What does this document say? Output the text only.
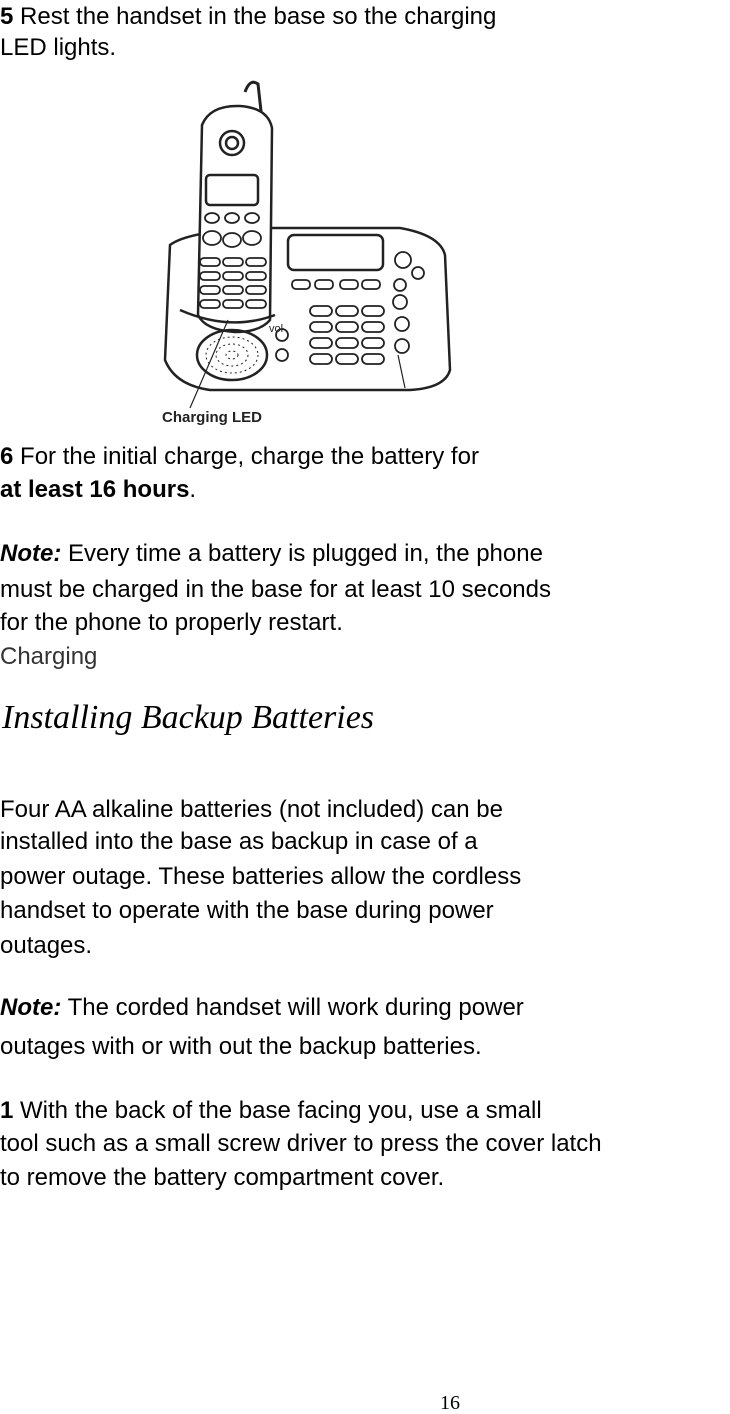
5 Rest the handset in the base so the charging
LED lights.
vol
Charging LED
6 For the initial charge, charge the battery for
at least 16 hours.
Note: Every time a battery is plugged in, the phone
must be charged in the base for at least 10 seconds
for the phone to properly restart.
Charging
Installing Backup Batteries
Four AA alkaline batteries (not included) can be
installed into the base as backup in case of a
power outage. These batteries allow the cordless
handset to operate with the base during power
outages.
Note: The corded handset will work during power
outages with or with out the backup batteries.
1 With the back of the base facing you, use a small
tool such as a small screw driver to press the cover latch
to remove the battery compartment cover.
16
